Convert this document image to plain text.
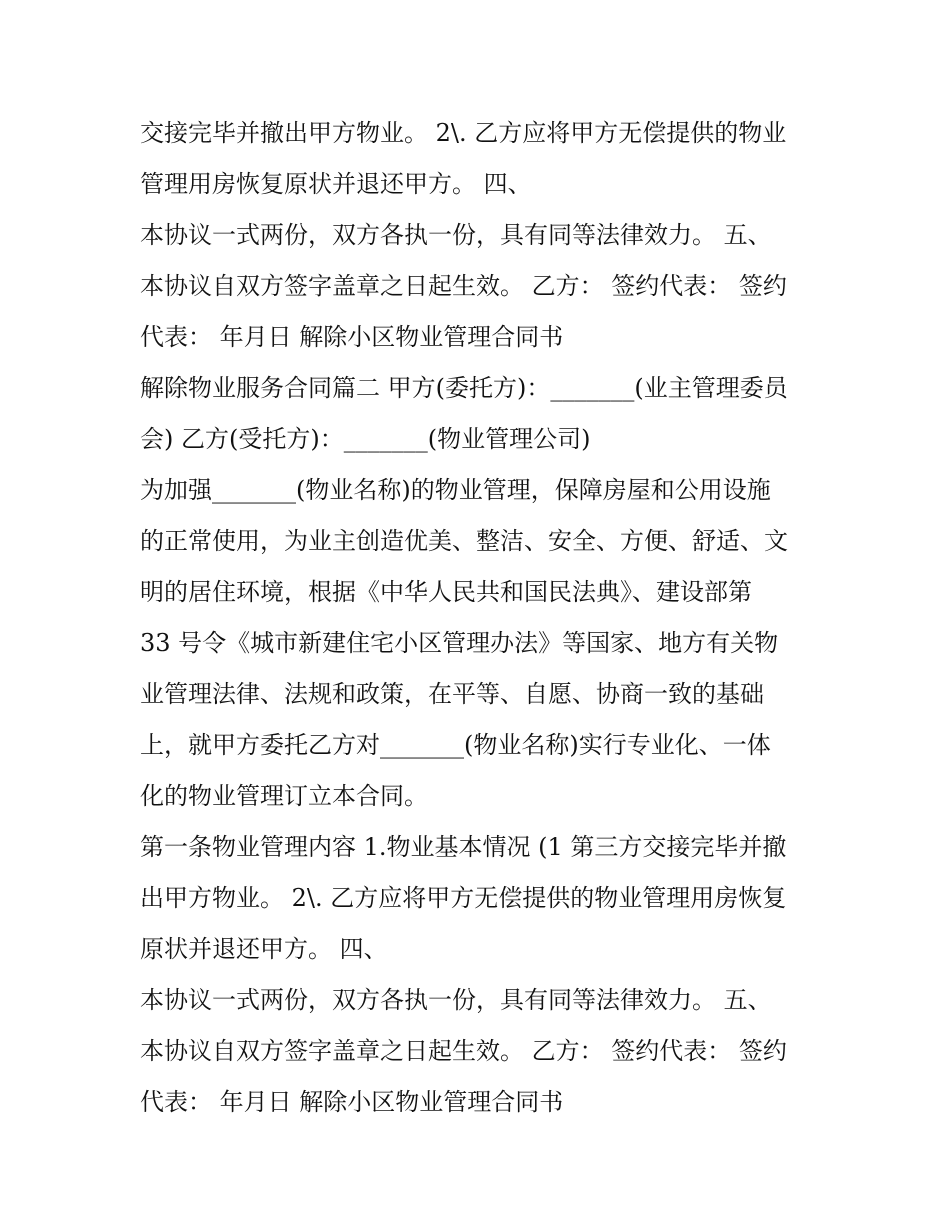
交接完毕并撤出甲方物业。 2\. 乙方应将甲方无偿提供的物业
管理用房恢复原状并退还甲方。 四、
本协议一式两份，双方各执一份，具有同等法律效力。 五、
本协议自双方签字盖章之日起生效。 乙方： 签约代表： 签约
代表： 年月日 解除小区物业管理合同书
解除物业服务合同篇二 甲方(委托方)：_______(业主管理委员
会) 乙方(受托方)：_______(物业管理公司)
为加强_______(物业名称)的物业管理，保障房屋和公用设施
的正常使用，为业主创造优美、整洁、安全、方便、舒适、文
明的居住环境，根据《中华人民共和国民法典》、建设部第
33 号令《城市新建住宅小区管理办法》等国家、地方有关物
业管理法律、法规和政策，在平等、自愿、协商一致的基础
上，就甲方委托乙方对_______(物业名称)实行专业化、一体
化的物业管理订立本合同。
第一条物业管理内容 1.物业基本情况 (1 第三方交接完毕并撤
出甲方物业。 2\. 乙方应将甲方无偿提供的物业管理用房恢复
原状并退还甲方。 四、
本协议一式两份，双方各执一份，具有同等法律效力。 五、
本协议自双方签字盖章之日起生效。 乙方： 签约代表： 签约
代表： 年月日 解除小区物业管理合同书
